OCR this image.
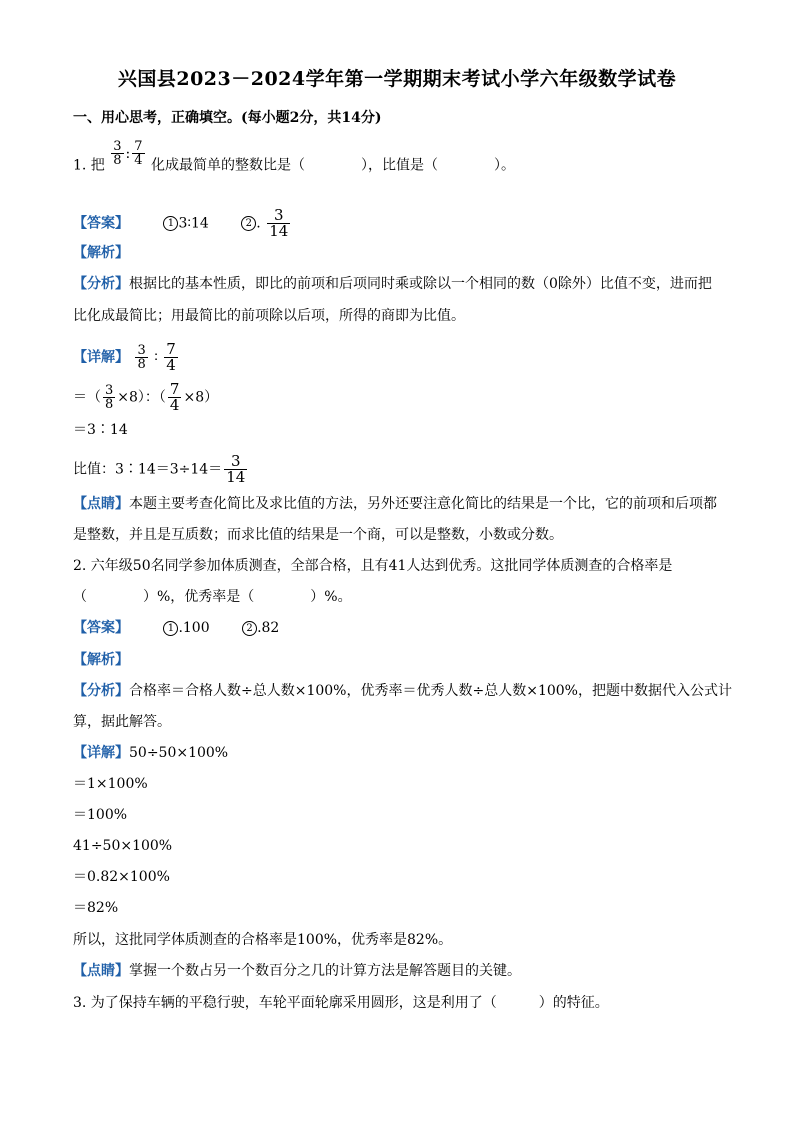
兴国县2023－2024学年第一学期期末考试小学六年级数学试卷
一、用心思考，正确填空。(每小题2分，共14分)
1. 把 $\frac{3}{8}$ : $\frac{7}{4}$ 化成最简单的整数比是（　　　　），比值是（　　　　）。
【答案】	1 3∶14	2 . $\frac{3}{14}$
【解析】
【分析】根据比的基本性质，即比的前项和后项同时乘或除以一个相同的数（0除外）比值不变，进而把
比化成最简比；用最简比的前项除以后项，所得的商即为比值。
【详解】 $\frac{3}{8}$ ∶ $\frac{7}{4}$
＝（ $\frac{3}{8} \times 8$）：（ $\frac{7}{4} \times 8$）
＝3∶14
比值：3∶14＝3÷14＝ $\frac{3}{14}$
【点睛】本题主要考查化简比及求比值的方法，另外还要注意化简比的结果是一个比，它的前项和后项都
是整数，并且是互质数；而求比值的结果是一个商，可以是整数，小数或分数。
2. 六年级50名同学参加体质测查，全部合格，且有41人达到优秀。这批同学体质测查的合格率是
（　　　　）%，优秀率是（　　　　）%。
【答案】	1 .100	2 .82
【解析】
【分析】合格率＝合格人数÷总人数×100%，优秀率＝优秀人数÷总人数×100%，把题中数据代入公式计
算，据此解答。
【详解】50÷50×100%
＝1×100%
＝100%
41÷50×100%
＝0.82×100%
＝82%
所以，这批同学体质测查的合格率是100%，优秀率是82%。
【点睛】掌握一个数占另一个数百分之几的计算方法是解答题目的关键。
3. 为了保持车辆的平稳行驶，车轮平面轮廓采用圆形，这是利用了（　　　）的特征。
